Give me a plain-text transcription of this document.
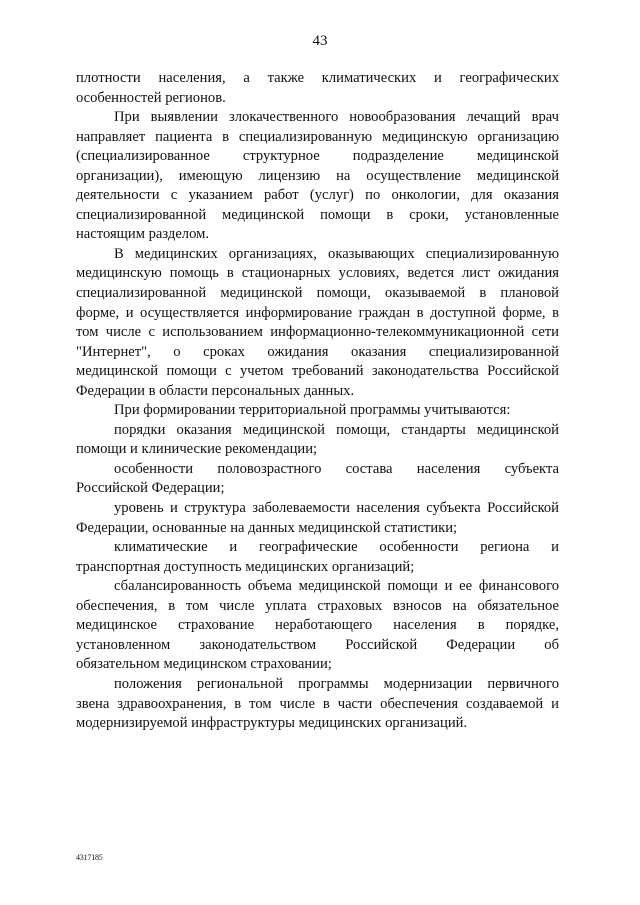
43
плотности населения, а также климатических и географических
особенностей регионов.
При выявлении злокачественного новообразования лечащий врач
направляет пациента в специализированную медицинскую организацию
(специализированное структурное подразделение медицинской
организации), имеющую лицензию на осуществление медицинской
деятельности с указанием работ (услуг) по онкологии, для оказания
специализированной медицинской помощи в сроки, установленные
настоящим разделом.
В медицинских организациях, оказывающих специализированную
медицинскую помощь в стационарных условиях, ведется лист ожидания
специализированной медицинской помощи, оказываемой в плановой
форме, и осуществляется информирование граждан в доступной форме, в
том числе с использованием информационно-телекоммуникационной сети
"Интернет", о сроках ожидания оказания специализированной
медицинской помощи с учетом требований законодательства Российской
Федерации в области персональных данных.
При формировании территориальной программы учитываются:
порядки оказания медицинской помощи, стандарты медицинской
помощи и клинические рекомендации;
особенности половозрастного состава населения субъекта
Российской Федерации;
уровень и структура заболеваемости населения субъекта Российской
Федерации, основанные на данных медицинской статистики;
климатические и географические особенности региона и
транспортная доступность медицинских организаций;
сбалансированность объема медицинской помощи и ее финансового
обеспечения, в том числе уплата страховых взносов на обязательное
медицинское страхование неработающего населения в порядке,
установленном законодательством Российской Федерации об
обязательном медицинском страховании;
положения региональной программы модернизации первичного
звена здравоохранения, в том числе в части обеспечения создаваемой и
модернизируемой инфраструктуры медицинских организаций.
4317185
